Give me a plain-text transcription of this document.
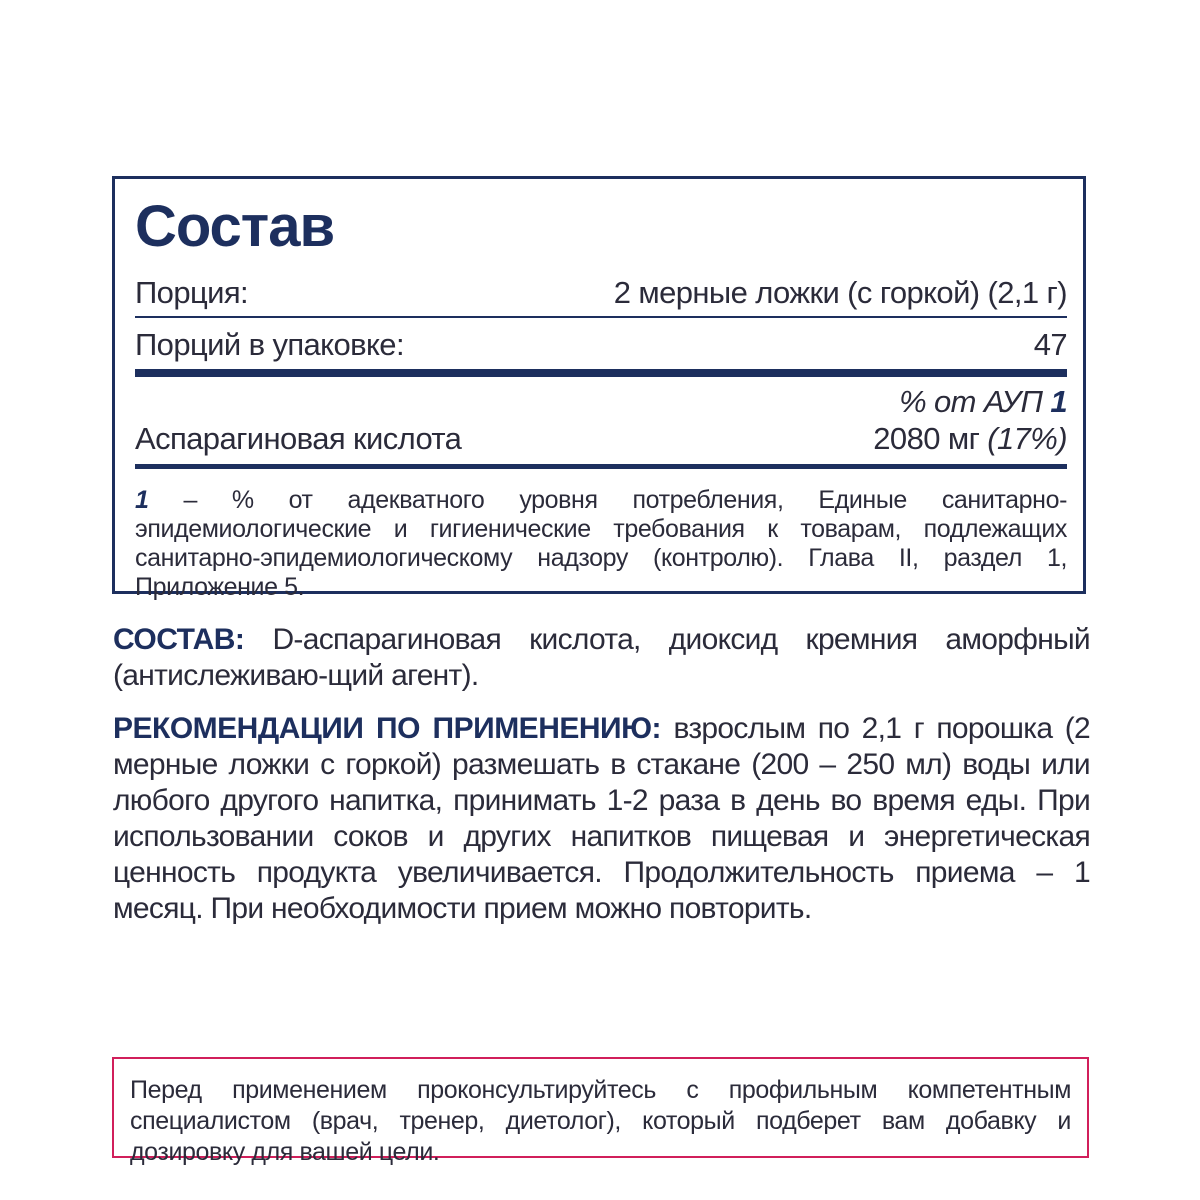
Состав
Порция:	2 мерные ложки (с горкой) (2,1 г)
Порций в упаковке:	47
% от АУП 1
Аспарагиновая кислота	2080 мг (17%)
1 – % от адекватного уровня потребления, Единые санитарно-эпидемиологические и гигиенические требования к товарам, подлежащих санитарно-эпидемиологическому надзору (контролю). Глава II, раздел 1, Приложение 5.
СОСТАВ: D-аспарагиновая кислота, диоксид кремния аморфный (антислеживаю-щий агент).
РЕКОМЕНДАЦИИ ПО ПРИМЕНЕНИЮ: взрослым по 2,1 г порошка (2 мерные ложки с горкой) размешать в стакане (200 – 250 мл) воды или любого другого напитка, принимать 1-2 раза в день во время еды. При использовании соков и других напитков пищевая и энергетическая ценность продукта увеличивается. Продолжительность приема – 1 месяц. При необходимости прием можно повторить.
Перед применением проконсультируйтесь с профильным компетентным специалистом (врач, тренер, диетолог), который подберет вам добавку и дозировку для вашей цели.
